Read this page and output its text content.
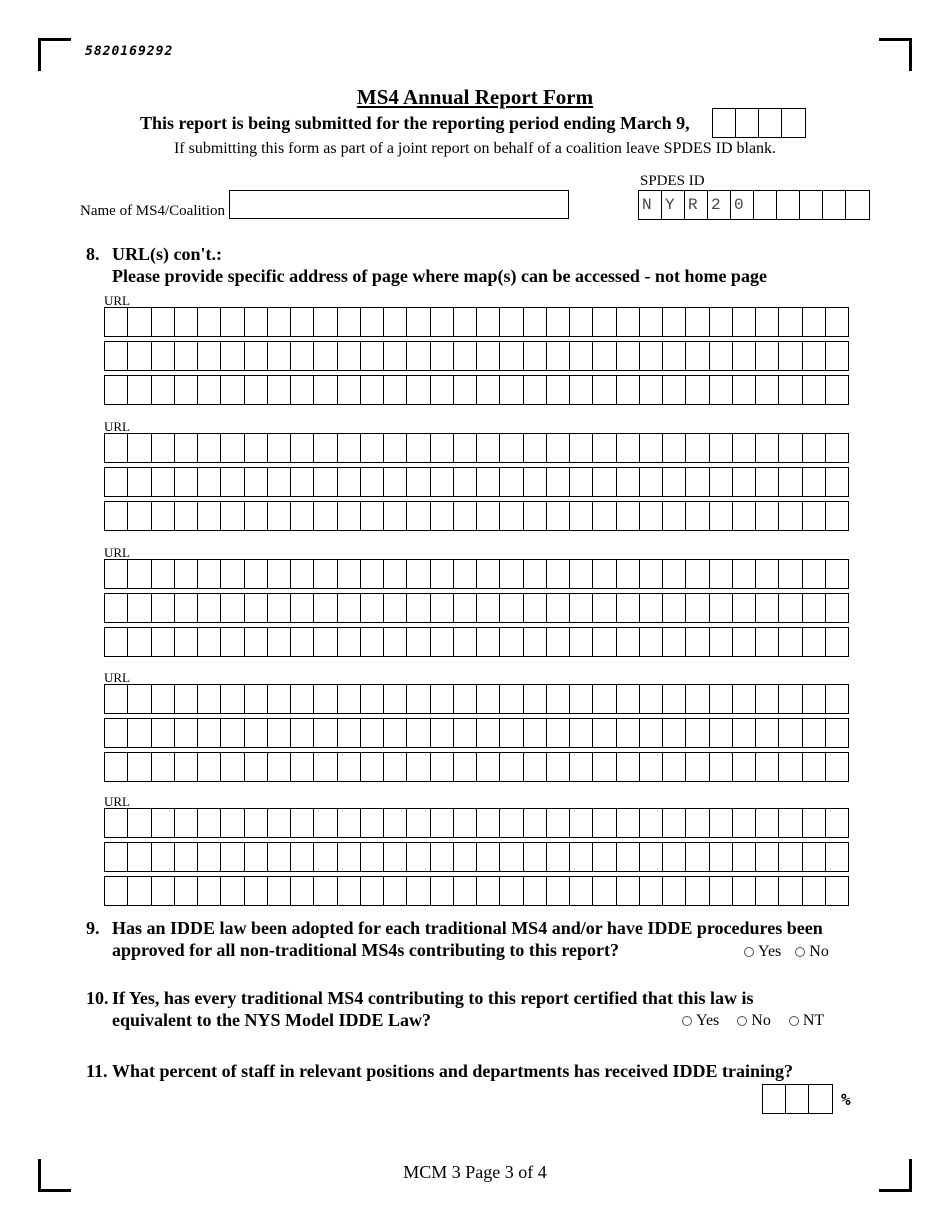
5820169292
MS4 Annual Report Form
This report is being submitted for the reporting period ending March 9,
If submitting this form as part of a joint report on behalf of a coalition leave SPDES ID blank.
SPDES ID
N Y R 2 0
Name of MS4/Coalition
8. URL(s) con't.:
Please provide specific address of page where map(s) can be accessed - not home page
URL
URL
URL
URL
URL
9. Has an IDDE law been adopted for each traditional MS4 and/or have IDDE procedures been
approved for all non-traditional MS4s contributing to this report?	Yes No
10. If Yes, has every traditional MS4 contributing to this report certified that this law is
equivalent to the NYS Model IDDE Law?	Yes No NT
11. What percent of staff in relevant positions and departments has received IDDE training?
%
MCM 3 Page 3 of 4
